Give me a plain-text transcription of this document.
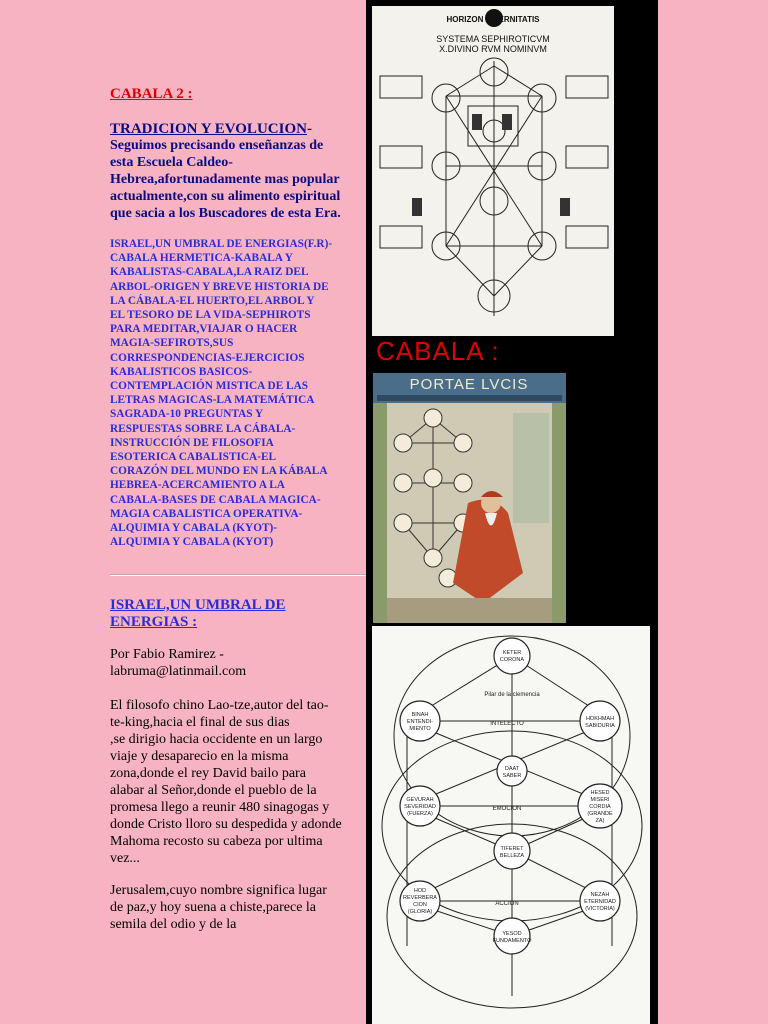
CABALA 2 :

TRADICION Y EVOLUCION-

Seguimos precisando enseñanzas de
esta Escuela Caldeo-
Hebrea,afortunadamente mas popular
actualmente,con su alimento espiritual
que sacia a los Buscadores de esta Era.
ISRAEL,UN UMBRAL DE ENERGIAS(F.R)-
CABALA HERMETICA-KABALA Y
KABALISTAS-CABALA,LA RAIZ DEL
ARBOL-ORIGEN Y BREVE HISTORIA DE
LA CÁBALA-EL HUERTO,EL ARBOL Y
EL TESORO DE LA VIDA-SEPHIROTS
PARA MEDITAR,VIAJAR O HACER
MAGIA-SEFIROTS,SUS
CORRESPONDENCIAS-EJERCICIOS
KABALISTICOS BASICOS-
CONTEMPLACIÓN MISTICA DE LAS
LETRAS MAGICAS-LA MATEMÁTICA
SAGRADA-10 PREGUNTAS Y
RESPUESTAS SOBRE LA CÁBALA-
INSTRUCCIÓN DE FILOSOFIA
ESOTERICA CABALISTICA-EL
CORAZÓN DEL MUNDO EN LA KÁBALA
HEBREA-ACERCAMIENTO A LA
CABALA-BASES DE CABALA MAGICA-
MAGIA CABALISTICA OPERATIVA-
ALQUIMIA Y CABALA (KYOT)-
ALQUIMIA Y CABALA (KYOT)
ISRAEL,UN UMBRAL DE
ENERGIAS :
Por Fabio Ramirez -
labruma@latinmail.com
El filosofo chino Lao-tze,autor del tao-
te-king,hacia el final de sus dias
,se dirigio hacia occidente en un largo
viaje y desaparecio en la misma
zona,donde el rey David bailo para
alabar al Señor,donde el pueblo de la
promesa llego a reunir 480 sinagogas y
donde Cristo lloro su despedida y adonde
Mahoma recosto su cabeza por ultima
vez...
Jerusalem,cuyo nombre significa lugar
de paz,y hoy suena a chiste,parece la
semila del odio y de la
HORIZON ÆTERNITATIS
SYSTEMA SEPHIROTICVM
X.DIVINO RVM NOMINVM
CABALA :
PORTAE LVCIS
KETER
CORONA
BINAH
ENTENDI-
MIENTO
HOKHMAH
SABIDURIA
DAAT
SABER
GEVURAH
SEVERIDAD
(FUERZA)
HESED
MISERI
CORDIA
(GRANDE
ZA)
TIFERET
BELLEZA
HOD
REVERBERA
CION
(GLORIA)
NEZAH
ETERNIDAD
(VICTORIA)
YESOD
FUNDAMENTO
Pilar de la clemencia
INTELECTO
EMOCION
ACCION
